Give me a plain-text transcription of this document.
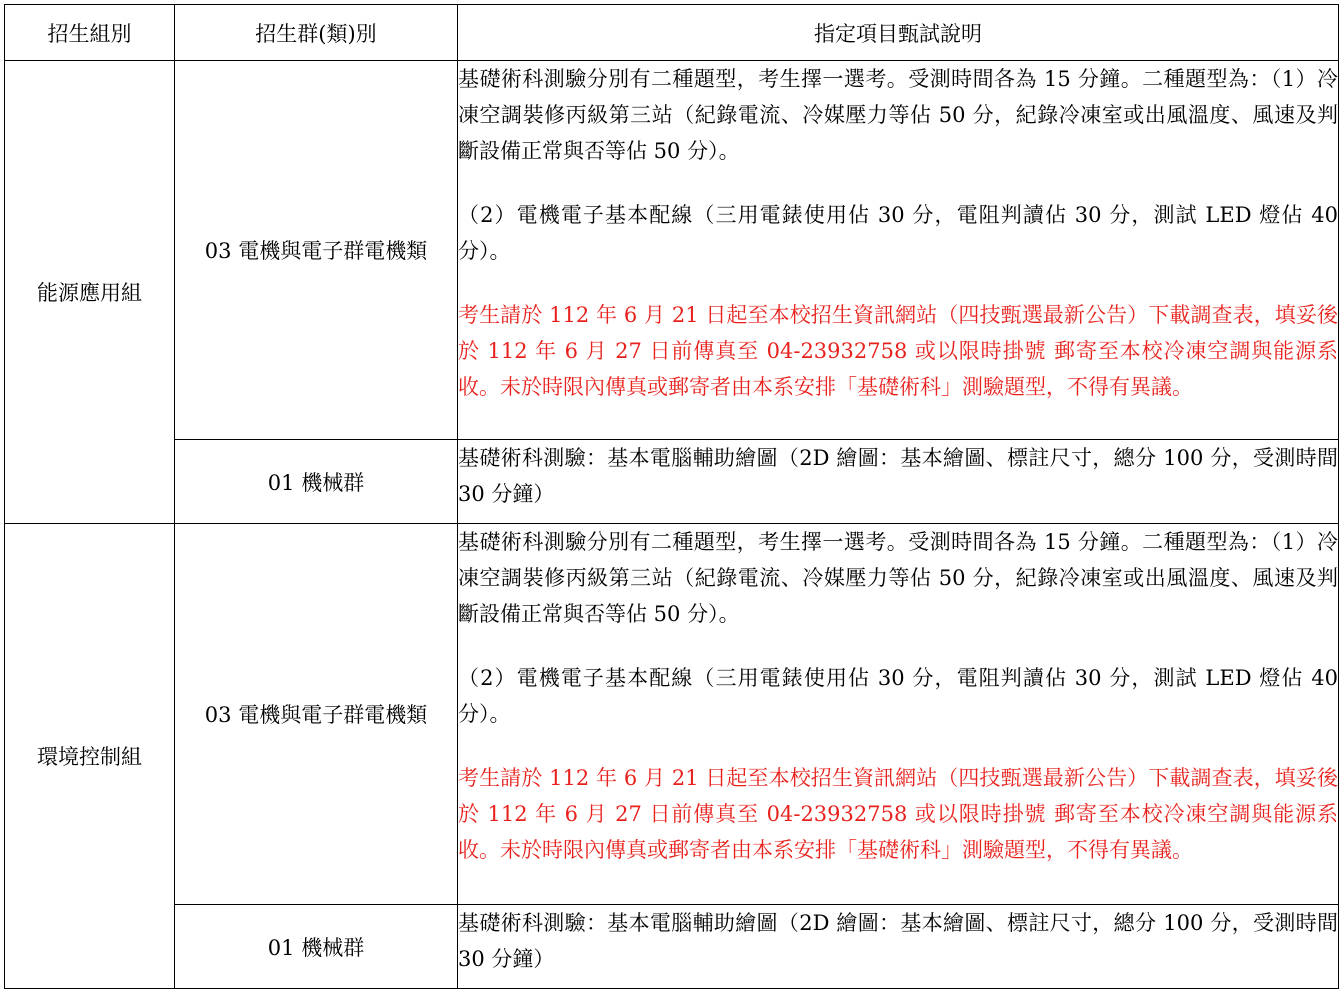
招生組別	招生群(類)別	指定項目甄試說明
能源應用組	03 電機與電子群電機類	基礎術科測驗分別有二種題型，考生擇一選考。受測時間各為 15 分鐘。二種題型為：（1）冷凍空調裝修丙級第三站（紀錄電流、冷媒壓力等佔 50 分，紀錄冷凍室或出風溫度、風速及判斷設備正常與否等佔 50 分）。

（2）電機電子基本配線（三用電錶使用佔 30 分，電阻判讀佔 30 分，測試 LED 燈佔 40 分）。

考生請於 112 年 6 月 21 日起至本校招生資訊網站（四技甄選最新公告）下載調查表，填妥後於 112 年 6 月 27 日前傳真至 04-23932758 或以限時掛號 郵寄至本校冷凍空調與能源系收。未於時限內傳真或郵寄者由本系安排「基礎術科」測驗題型，不得有異議。

	01 機械群	基礎術科測驗：基本電腦輔助繪圖（2D 繪圖：基本繪圖、標註尺寸，總分 100 分，受測時間 30 分鐘）

環境控制組	03 電機與電子群電機類	基礎術科測驗分別有二種題型，考生擇一選考。受測時間各為 15 分鐘。二種題型為：（1）冷凍空調裝修丙級第三站（紀錄電流、冷媒壓力等佔 50 分，紀錄冷凍室或出風溫度、風速及判斷設備正常與否等佔 50 分）。

（2）電機電子基本配線（三用電錶使用佔 30 分，電阻判讀佔 30 分，測試 LED 燈佔 40 分）。

考生請於 112 年 6 月 21 日起至本校招生資訊網站（四技甄選最新公告）下載調查表，填妥後於 112 年 6 月 27 日前傳真至 04-23932758 或以限時掛號 郵寄至本校冷凍空調與能源系收。未於時限內傳真或郵寄者由本系安排「基礎術科」測驗題型，不得有異議。

	01 機械群	基礎術科測驗：基本電腦輔助繪圖（2D 繪圖：基本繪圖、標註尺寸，總分 100 分，受測時間 30 分鐘）
